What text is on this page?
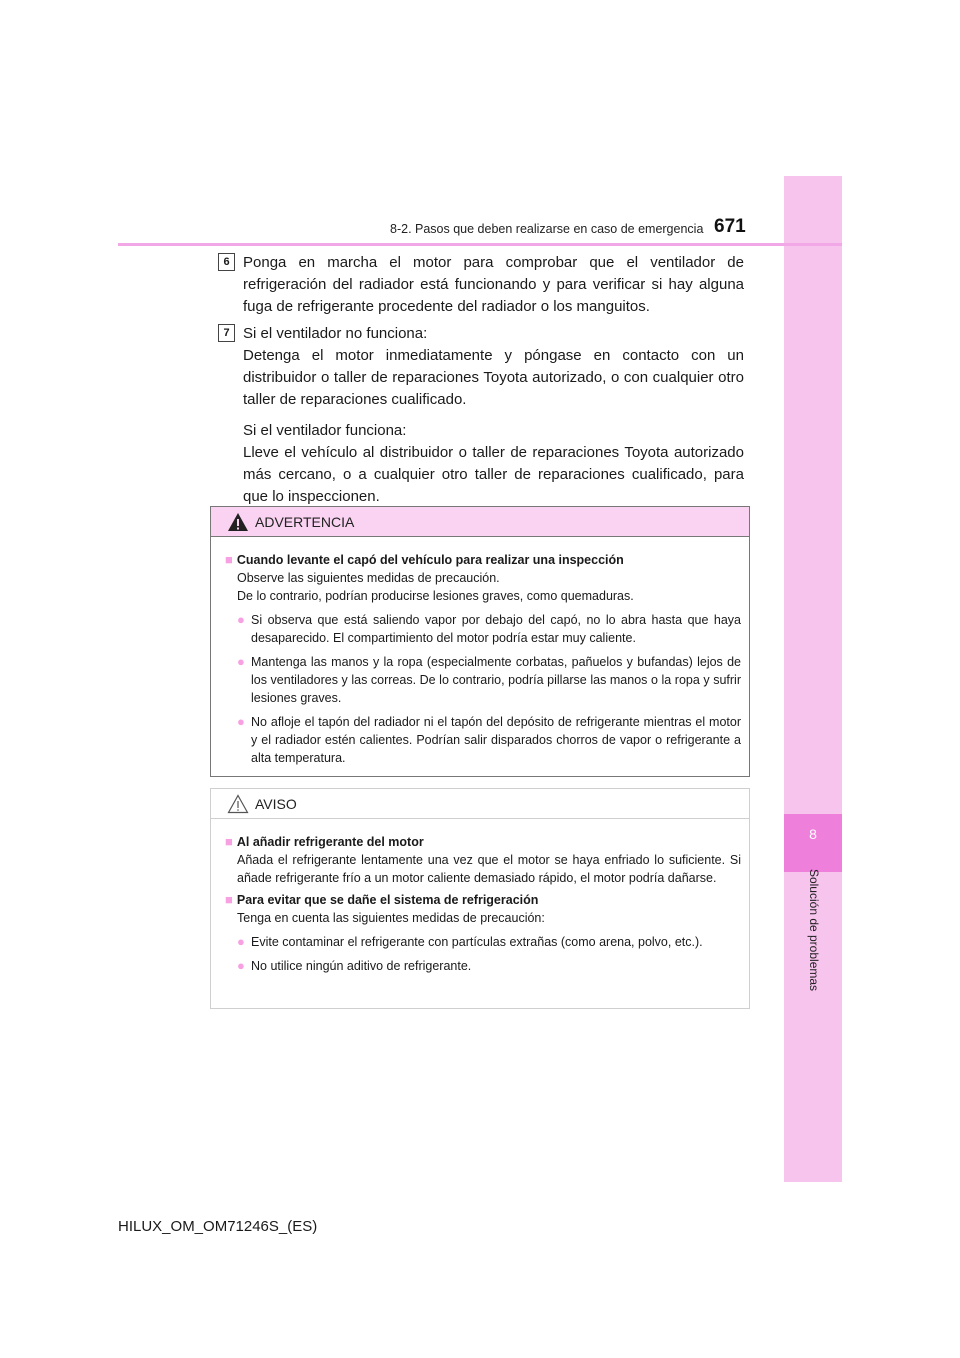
8
Solución de problemas
8-2. Pasos que deben realizarse en caso de emergencia 671
6 Ponga en marcha el motor para comprobar que el ventilador de refrigeración del radiador está funcionando y para verificar si hay alguna fuga de refrigerante procedente del radiador o los manguitos.

7 Si el ventilador no funciona:

Detenga el motor inmediatamente y póngase en contacto con un distribuidor o taller de reparaciones Toyota autorizado, o con cualquier otro taller de reparaciones cualificado.

Si el ventilador funciona:

Lleve el vehículo al distribuidor o taller de reparaciones Toyota autorizado más cercano, o a cualquier otro taller de reparaciones cualificado, para que lo inspeccionen.

ADVERTENCIA
■ Cuando levante el capó del vehículo para realizar una inspección
Observe las siguientes medidas de precaución.
De lo contrario, podrían producirse lesiones graves, como quemaduras.
● Si observa que está saliendo vapor por debajo del capó, no lo abra hasta que haya desaparecido. El compartimiento del motor podría estar muy caliente.
● Mantenga las manos y la ropa (especialmente corbatas, pañuelos y bufandas) lejos de los ventiladores y las correas. De lo contrario, podría pillarse las manos o la ropa y sufrir lesiones graves.
● No afloje el tapón del radiador ni el tapón del depósito de refrigerante mientras el motor y el radiador estén calientes. Podrían salir disparados chorros de vapor o refrigerante a alta temperatura.
AVISO
■ Al añadir refrigerante del motor
Añada el refrigerante lentamente una vez que el motor se haya enfriado lo suficiente. Si añade refrigerante frío a un motor caliente demasiado rápido, el motor podría dañarse.
■ Para evitar que se dañe el sistema de refrigeración
Tenga en cuenta las siguientes medidas de precaución:
● Evite contaminar el refrigerante con partículas extrañas (como arena, polvo, etc.).
● No utilice ningún aditivo de refrigerante.
HILUX_OM_OM71246S_(ES)
